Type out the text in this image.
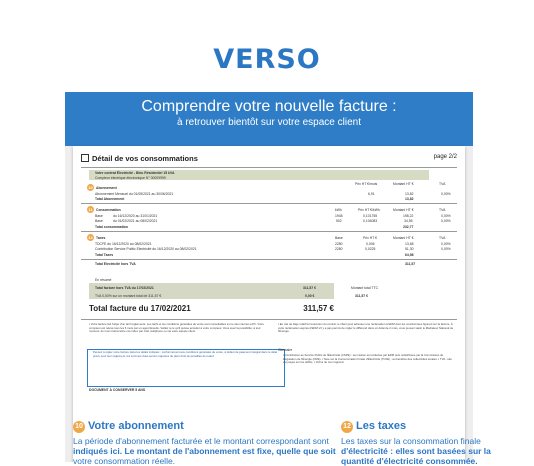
VERSO
Comprendre votre nouvelle facture :
à retrouver bientôt sur votre espace client
Détail de vos consommations	page 2/2
Votre contrat Électricité - Bleu Résidentiel 15 kVA
Compteur électrique électronique N° 00009999
10 Abonnement
Prix HT €/mois	Montant HT €	TVA
Abonnement Mensuel du 01/05/2021 au 30/06/2021	6,91	13,82	0,00%
Total Abonnement	13,82
11 Consommation	kWh	Prix HT €/kWh	Montant HT €	TVA
Base	du 16/12/2020 au 31/01/2021	1948	0,101755	198,22	0,00%
Base	du 01/02/2021 au 08/02/2021	502	0,104083	34,55	0,00%
Total consommation	232,77
12 Taxes	Base	Prix HT €	Montant HT €	TVA
TDCFE du 16/12/2020 au 08/02/2021	2280	0,006	13,68	0,00%
Contribution Service Public Electricité du 16/12/2020 au 08/02/2021	2280	0,0225	51,30	0,00%
Total Taxes	64,98
Total Electricité hors TVA	311,57
En résumé
Total facture hors TVA du 17/02/2021	311,57 €	Montant total TTC
TVA 0,00% sur un montant total de 311,57 €	0,00 €	311,57 €
Total facture du 17/02/2021	311,57 €
▪ Votre facture fait l'objet d'un tarif réglementé. Les tarifs et les conditions générales de vente sont consultables sur le site internet edf.fr. Votre compteur est relevé tous les 6 mois par un agent Enedis. Veillez à ce qu'il puisse accéder à votre compteur. Vous avez la possibilité, à tout moment, de nous transmettre vos index par mail, téléphone ou via votre espace client.
▪ En cas de litige relatif à l'exécution du contrat, le client peut adresser une réclamation à EDM dont les coordonnées figurent sur la facture. À votre réclamation auprès d'EDM s'il y a pas permis de régler le différend dans un délai de 2 mois, vous pouvez saisir le Médiateur National de l'Énergie.
Pensez à régler votre facture dans les délais indiqués ; conformément aux conditions générales de vente, à défaut de paiement intégral dans le délai prévu pour leur règlement, les sommes dues seront majorées de plein droit de pénalités de retard.
Glossaire
▪ Contribution au Service Public de l'Électricité (CSPE) : sa mission est collectée par EDM puis redistribuée par la Commission de Régulation de l'Énergie (CRE). ▪ Taxe sur la Consommation Finale d'Électricité (TCFE) : au bénéfice des collectivités locales. ▪ TVA : elle est payée sur les débits. ▪ Octroi de mer régional.
DOCUMENT À CONSERVER 5 ANS
10 Votre abonnement
La période d'abonnement facturée et le montant correspondant sont
indiqués ici. Le montant de l'abonnement est fixe, quelle que soit
votre consommation réelle.
12 Les taxes
Les taxes sur la consommation finale
d'électricité : elles sont basées sur la
quantité d'électricité consommée.
